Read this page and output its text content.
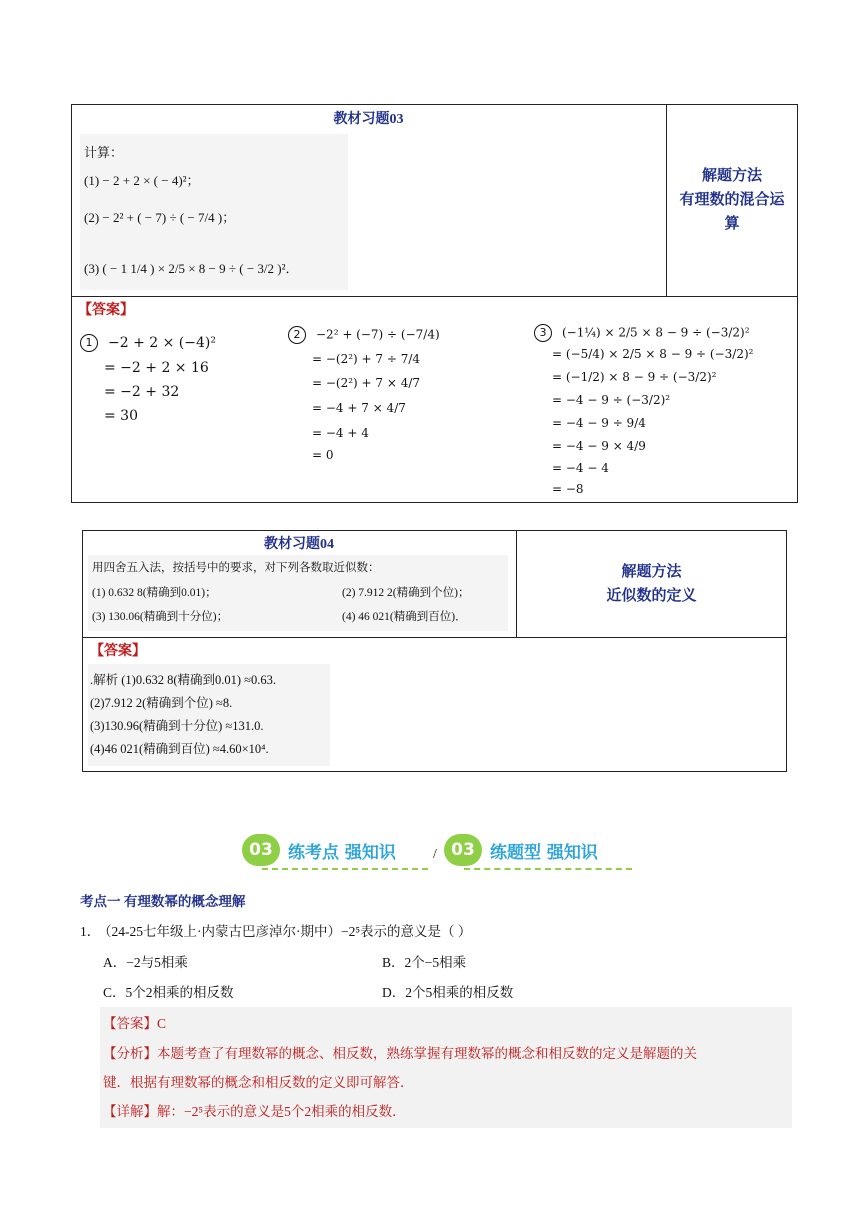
教材习题03
计算：
(1) − 2 + 2 × ( − 4)²；
(2) − 2² + ( − 7) ÷ ( − 7/4 )；
(3) ( − 1 1/4 ) × 2/5 × 8 − 9 ÷ ( − 3/2 )²．
解题方法
有理数的混合运
算
【答案】
1 −2 + 2 × (−4)²
= −2 + 2 × 16
= −2 + 32
= 30
2 −2² + (−7) ÷ (−7/4)
= −(2²) + 7 ÷ 7/4
= −(2²) + 7 × 4/7
= −4 + 7 × 4/7
= −4 + 4
= 0
3 (−1¼) × 2/5 × 8 − 9 ÷ (−3/2)²
= (−5/4) × 2/5 × 8 − 9 ÷ (−3/2)²
= (−1/2) × 8 − 9 ÷ (−3/2)²
= −4 − 9 ÷ (−3/2)²
= −4 − 9 ÷ 9/4
= −4 − 9 × 4/9
= −4 − 4
= −8
教材习题04
用四舍五入法，按括号中的要求，对下列各数取近似数：
(1) 0.632 8(精确到0.01)；	(2) 7.912 2(精确到个位)；
(3) 130.06(精确到十分位)；	(4) 46 021(精确到百位)．
解题方法
近似数的定义
【答案】
.解析 (1)0.632 8(精确到0.01) ≈0.63.
(2)7.912 2(精确到个位) ≈8.
(3)130.96(精确到十分位) ≈131.0.
(4)46 021(精确到百位) ≈4.60×10⁴.
03 练考点 强知识	/ 03 练题型 强知识
考点一 有理数幂的概念理解
1．
（24-25七年级上·内蒙古巴彦淖尔·期中）−2⁵表示的意义是（ ）
A．−2与5相乘	B．2个−5相乘
C．5个2相乘的相反数	D．2个5相乘的相反数
【答案】C
【分析】本题考查了有理数幂的概念、相反数，熟练掌握有理数幂的概念和相反数的定义是解题的关
键．根据有理数幂的概念和相反数的定义即可解答．
【详解】解：−2⁵表示的意义是5个2相乘的相反数．
